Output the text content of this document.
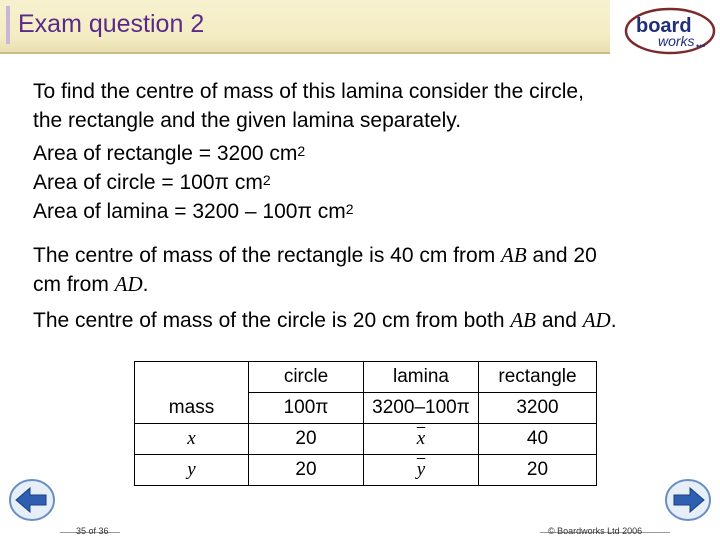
Exam question 2	board
works •••
To find the centre of mass of this lamina consider the circle,
the rectangle and the given lamina separately.
Area of rectangle = 3200 $cm^2$
Area of circle = 100π $cm^2$
Area of lamina = 3200 – 100π $cm^2$
The centre of mass of the rectangle is 40 cm from AB and 20
cm from AD.
The centre of mass of the circle is 20 cm from both AB and AD.
	circle	lamina	rectangle
mass	100π	3200–100π	3200
x	20	$\overline{x}$	40
y	20	$\overline{y}$	20
35 of 36	© Boardworks Ltd 2006
